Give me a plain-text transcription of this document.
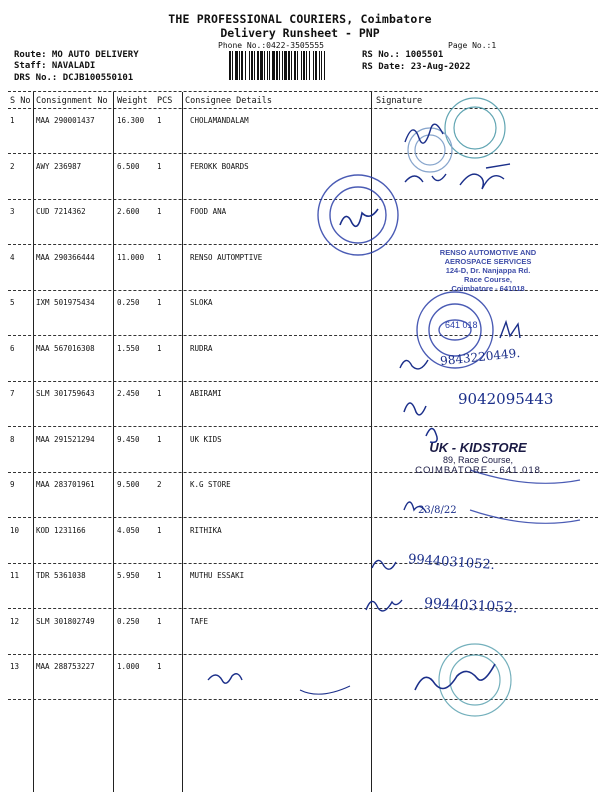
THE PROFESSIONAL COURIERS, Coimbatore
Delivery Runsheet - PNP
Phone No.:0422-3505555	Page No.:1
Route: MO AUTO DELIVERY
Staff: NAVALADI
DRS No.: DCJB100550101
RS No.: 1005501
RS Date: 23-Aug-2022
S No Consignment No Weight PCS Consignee Details	Signature
1	MAA 290001437	16.300 1	CHOLAMANDALAM
2	AWY 236987	6.500 1	FEROKK BOARDS
3	CUD 7214362	2.600 1	FOOD ANA
4	MAA 290366444	11.000 1	RENSO AUTOMPTIVE
5	IXM 501975434	0.250 1	SLOKA
6	MAA 567016308	1.550 1	RUDRA
7	SLM 301759643	2.450 1	ABIRAMI
8	MAA 291521294	9.450 1	UK KIDS
9	MAA 283701961	9.500 2	K.G STORE
10 KOD 1231166	4.050 1	RITHIKA
11 TDR 5361038	5.950 1	MUTHU ESSAKI
12 SLM 301802749	0.250 1	TAFE
13 MAA 288753227	1.000 1
9042095443
9843220449.
9944031052.
9944031052.
23/8/22
RENSO AUTOMOTIVE AND
AEROSPACE SERVICES
124-D, Dr. Nanjappa Rd.
Race Course,
Coimbatore - 641018
641 018
UK - KIDSTORE
89, Race Course,
COIMBATORE - 641 018
